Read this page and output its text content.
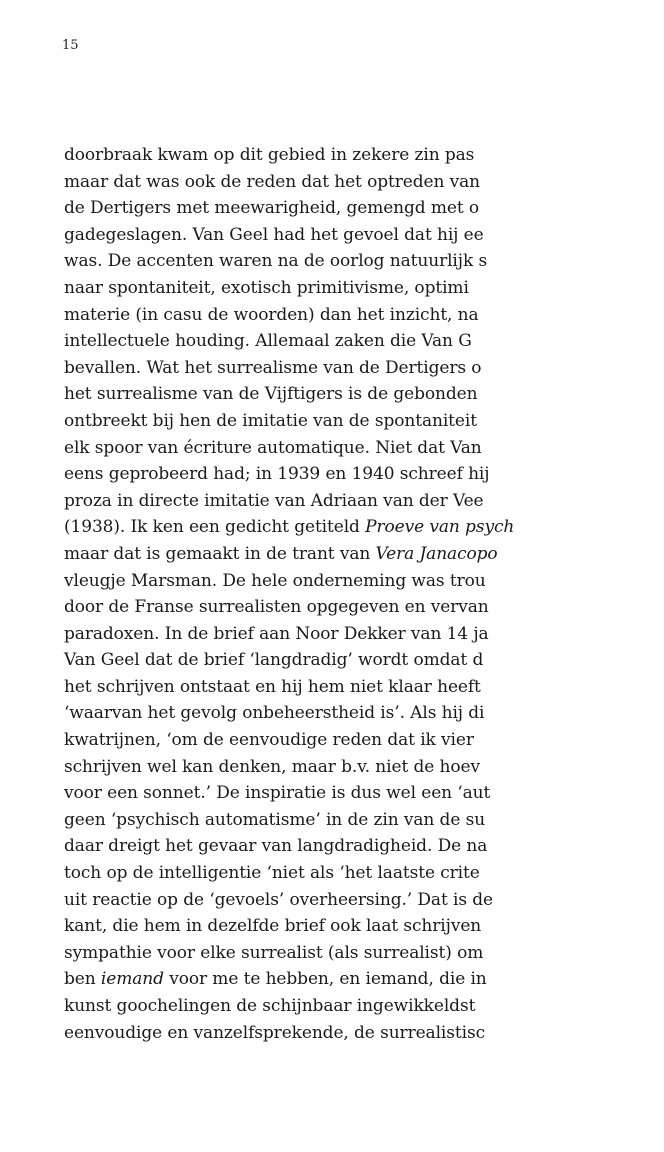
15
doorbraak kwam op dit gebied in zekere zin pas
maar dat was ook de reden dat het optreden van
de Dertigers met meewarigheid, gemengd met o
gadegeslagen. Van Geel had het gevoel dat hij ee
was. De accenten waren na de oorlog natuurlijk s
naar spontaniteit, exotisch primitivisme, optimi
materie (in casu de woorden) dan het inzicht, na
intellectuele houding. Allemaal zaken die Van G
bevallen. Wat het surrealisme van de Dertigers o
het surrealisme van de Vijftigers is de gebonden
ontbreekt bij hen de imitatie van de spontaniteit
elk spoor van écriture automatique. Niet dat Van
eens geprobeerd had; in 1939 en 1940 schreef hij
proza in directe imitatie van Adriaan van der Vee
(1938). Ik ken een gedicht getiteld Proeve van psych
maar dat is gemaakt in de trant van Vera Janacopo
vleugje Marsman. De hele onderneming was trou
door de Franse surrealisten opgegeven en vervan
paradoxen. In de brief aan Noor Dekker van 14 ja
Van Geel dat de brief ‘langdradig’ wordt omdat d
het schrijven ontstaat en hij hem niet klaar heeft
‘waarvan het gevolg onbeheerstheid is’. Als hij di
kwatrijnen, ‘om de eenvoudige reden dat ik vier
schrijven wel kan denken, maar b.v. niet de hoev
voor een sonnet.’ De inspiratie is dus wel een ‘aut
geen ‘psychisch automatisme’ in de zin van de su
daar dreigt het gevaar van langdradigheid. De na
toch op de intelligentie ‘niet als ‘het laatste crite
uit reactie op de ‘gevoels’ overheersing.’ Dat is de
kant, die hem in dezelfde brief ook laat schrijven
sympathie voor elke surrealist (als surrealist) om
ben iemand voor me te hebben, en iemand, die in
kunst goochelingen de schijnbaar ingewikkeldst
eenvoudige en vanzelfsprekende, de surrealistisc
